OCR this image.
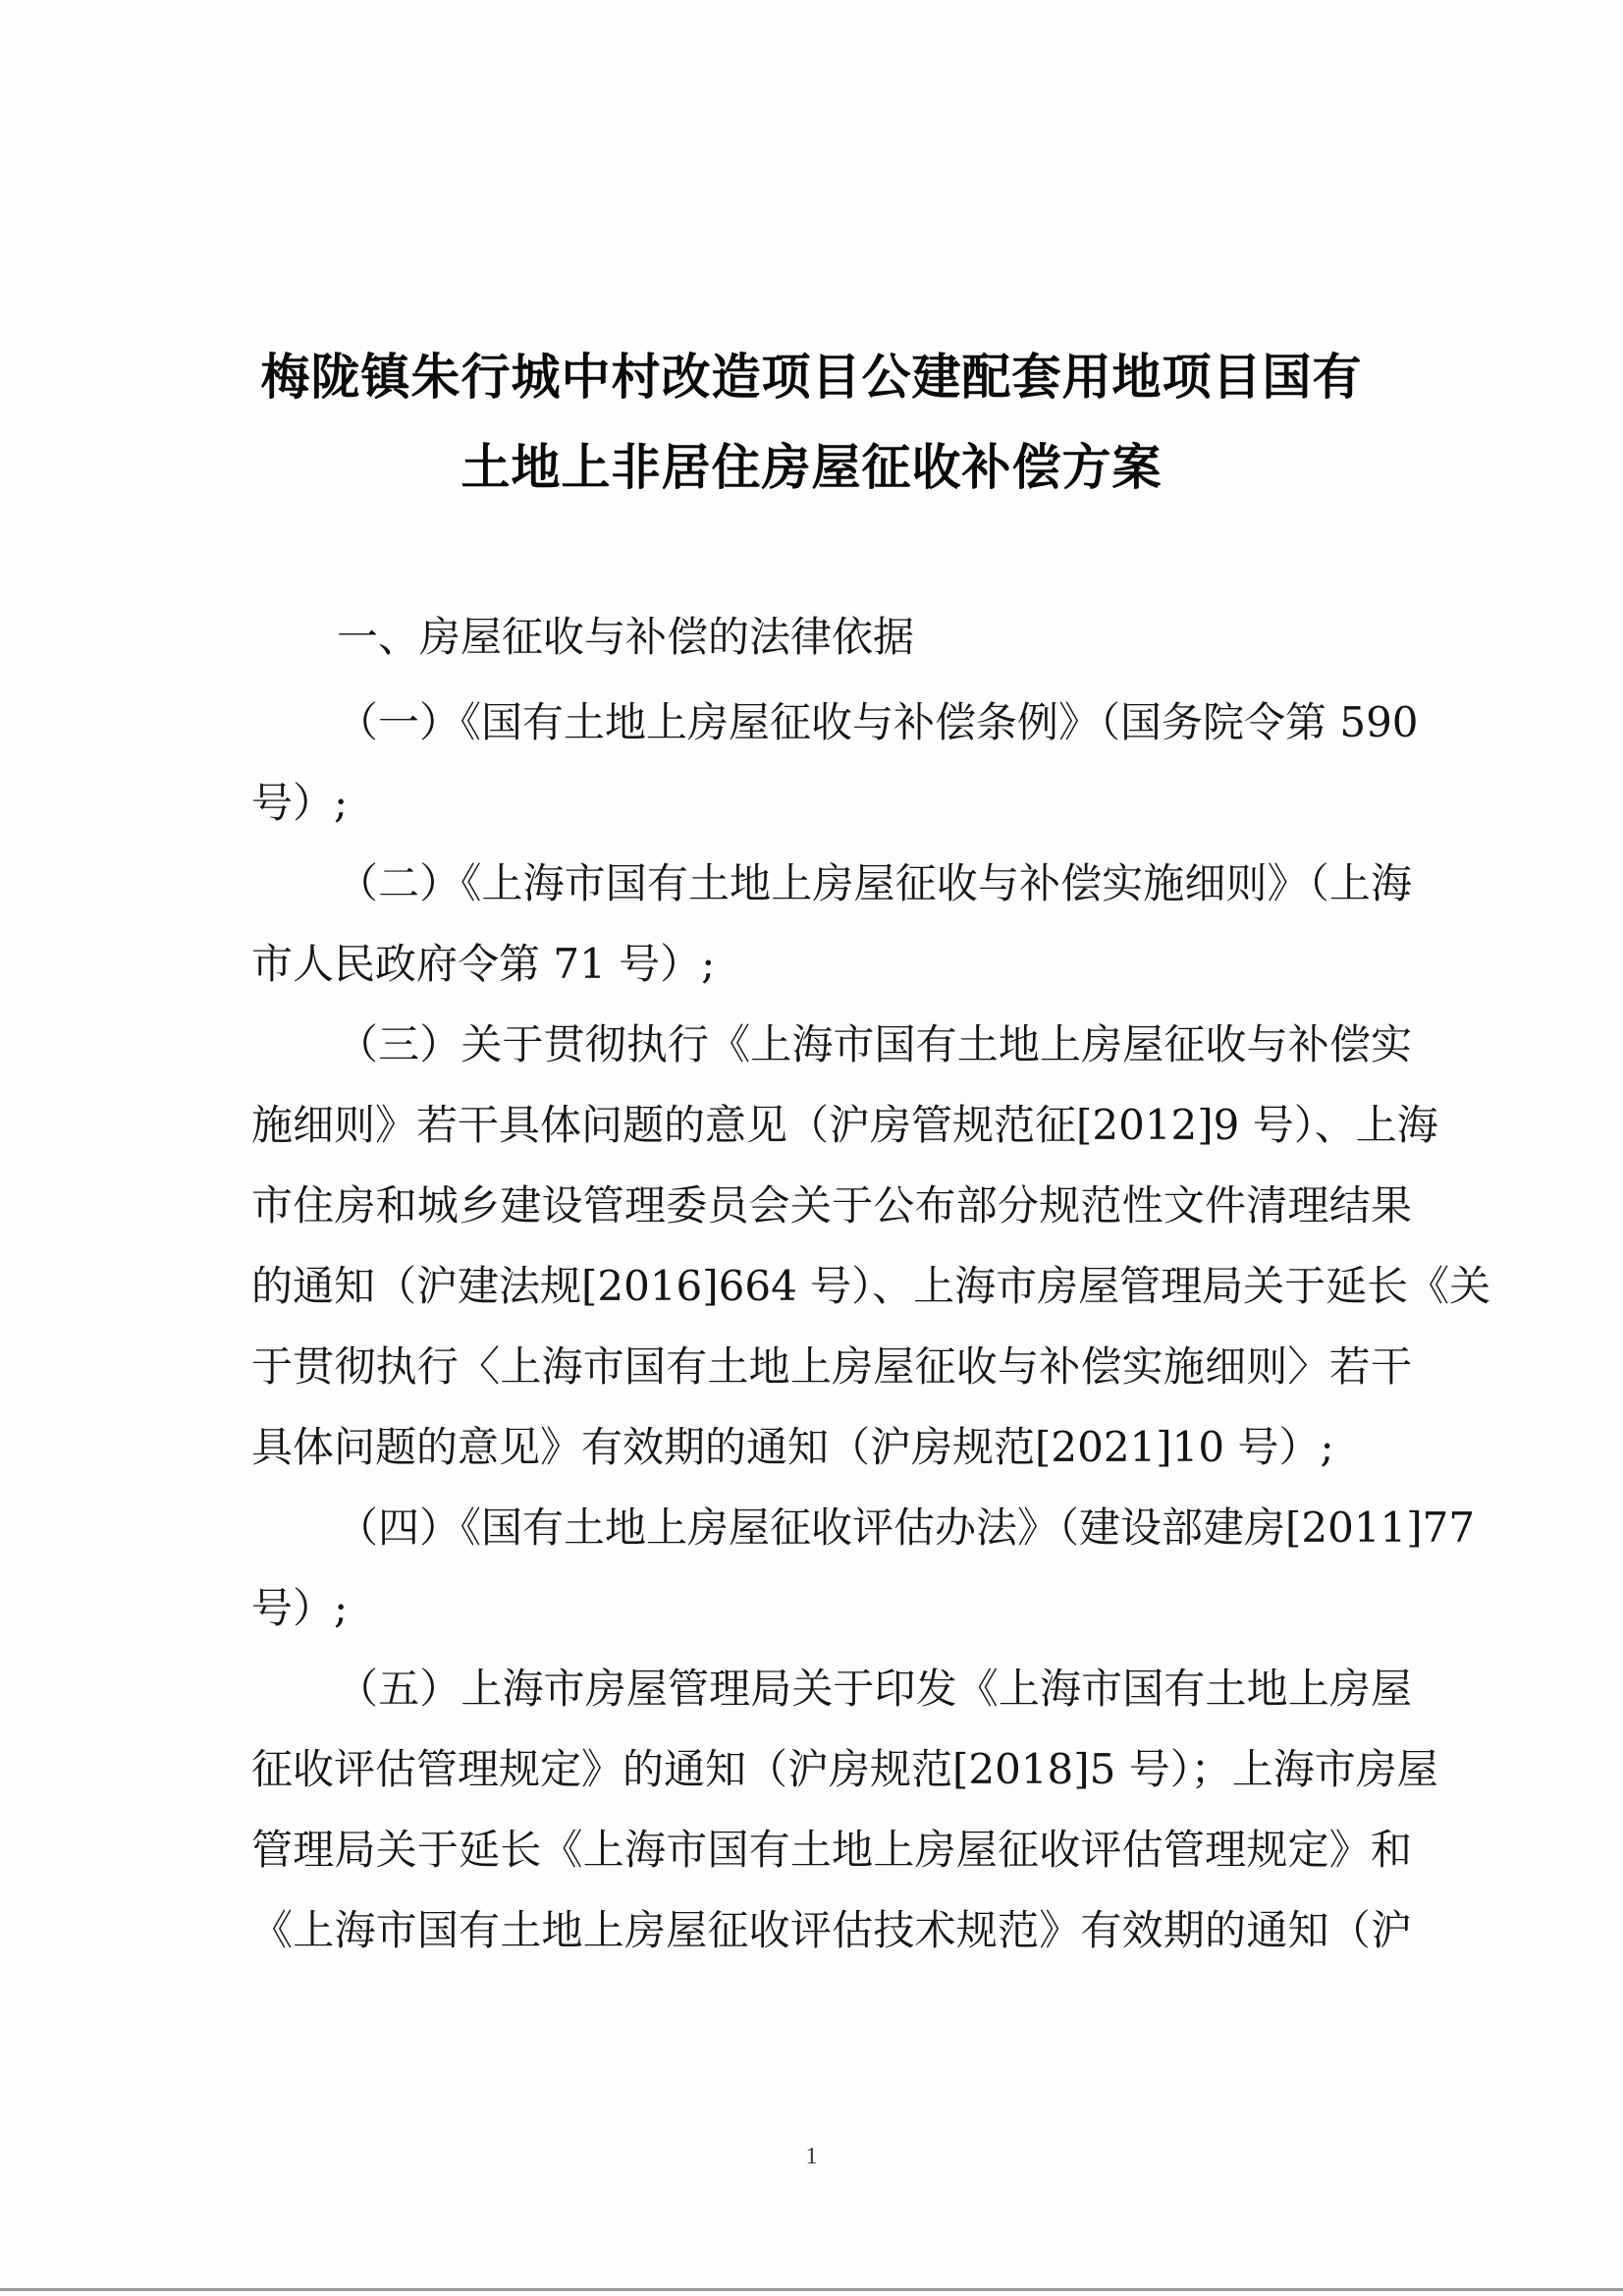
梅陇镇朱行城中村改造项目公建配套用地项目国有
土地上非居住房屋征收补偿方案
一、房屋征收与补偿的法律依据
（一）《国有土地上房屋征收与补偿条例》（国务院令第 590
号）;
（二）《上海市国有土地上房屋征收与补偿实施细则》（上海
市人民政府令第 71 号）;
（三）关于贯彻执行《上海市国有土地上房屋征收与补偿实
施细则》若干具体问题的意见（沪房管规范征[2012]9 号）、上海
市住房和城乡建设管理委员会关于公布部分规范性文件清理结果
的通知（沪建法规[2016]664 号）、上海市房屋管理局关于延长《关
于贯彻执行〈上海市国有土地上房屋征收与补偿实施细则〉若干
具体问题的意见》有效期的通知（沪房规范[2021]10 号）;
（四）《国有土地上房屋征收评估办法》（建设部建房[2011]77
号）;
（五）上海市房屋管理局关于印发《上海市国有土地上房屋
征收评估管理规定》的通知（沪房规范[2018]5 号）；上海市房屋
管理局关于延长《上海市国有土地上房屋征收评估管理规定》和
《上海市国有土地上房屋征收评估技术规范》有效期的通知（沪
1
